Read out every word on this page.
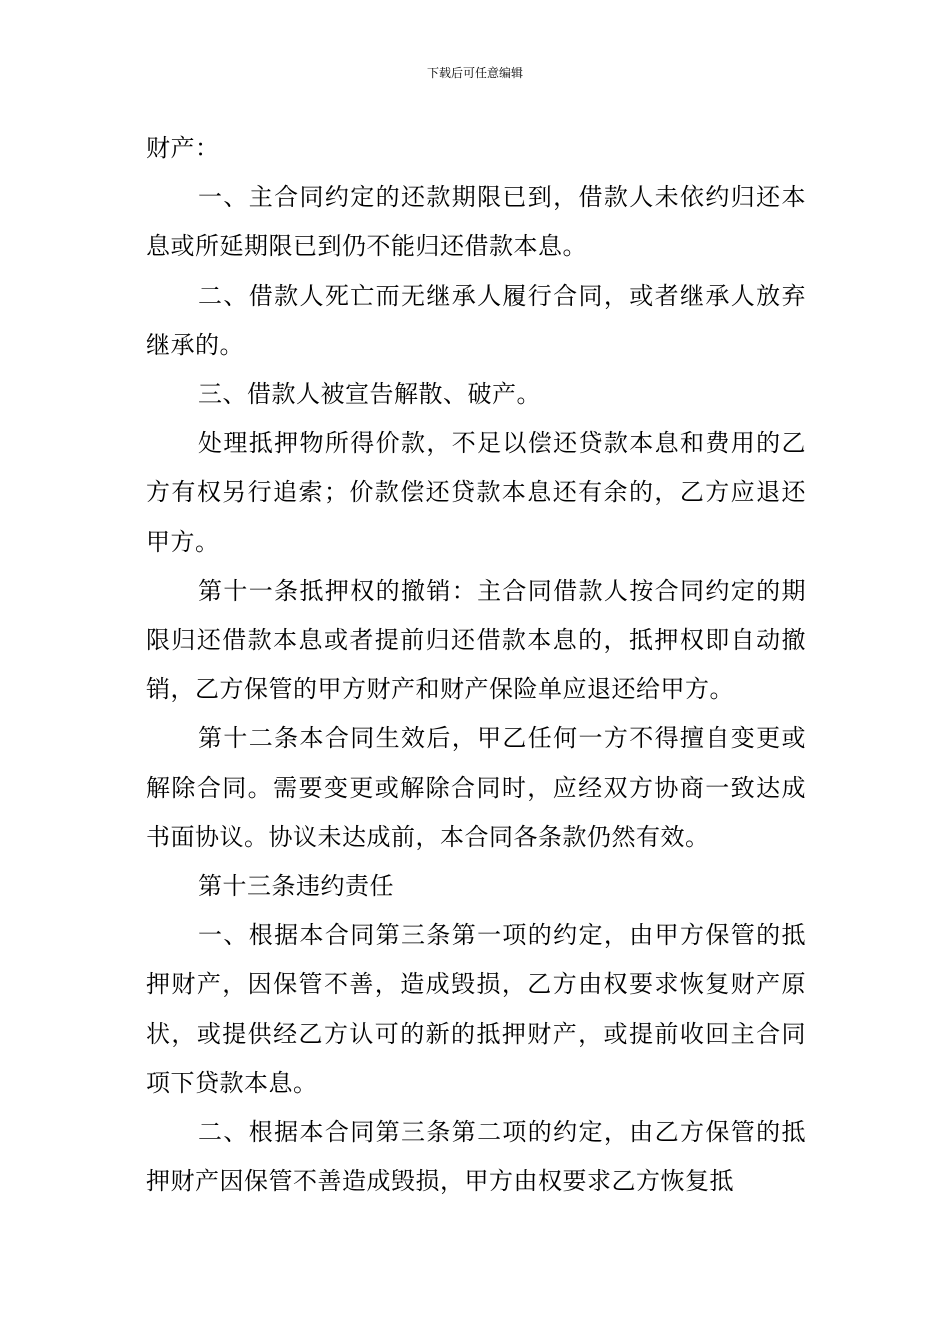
下载后可任意编辑

财产：

一、主合同约定的还款期限已到，借款人未依约归还本息或所延期限已到仍不能归还借款本息。

二、借款人死亡而无继承人履行合同，或者继承人放弃继承的。

三、借款人被宣告解散、破产。

处理抵押物所得价款，不足以偿还贷款本息和费用的乙方有权另行追索；价款偿还贷款本息还有余的，乙方应退还甲方。

第十一条抵押权的撤销：主合同借款人按合同约定的期限归还借款本息或者提前归还借款本息的，抵押权即自动撤销，乙方保管的甲方财产和财产保险单应退还给甲方。

第十二条本合同生效后，甲乙任何一方不得擅自变更或解除合同。需要变更或解除合同时，应经双方协商一致达成书面协议。协议未达成前，本合同各条款仍然有效。

第十三条违约责任

一、根据本合同第三条第一项的约定，由甲方保管的抵押财产，因保管不善，造成毁损，乙方由权要求恢复财产原状，或提供经乙方认可的新的抵押财产，或提前收回主合同项下贷款本息。

二、根据本合同第三条第二项的约定，由乙方保管的抵押财产因保管不善造成毁损，甲方由权要求乙方恢复抵
